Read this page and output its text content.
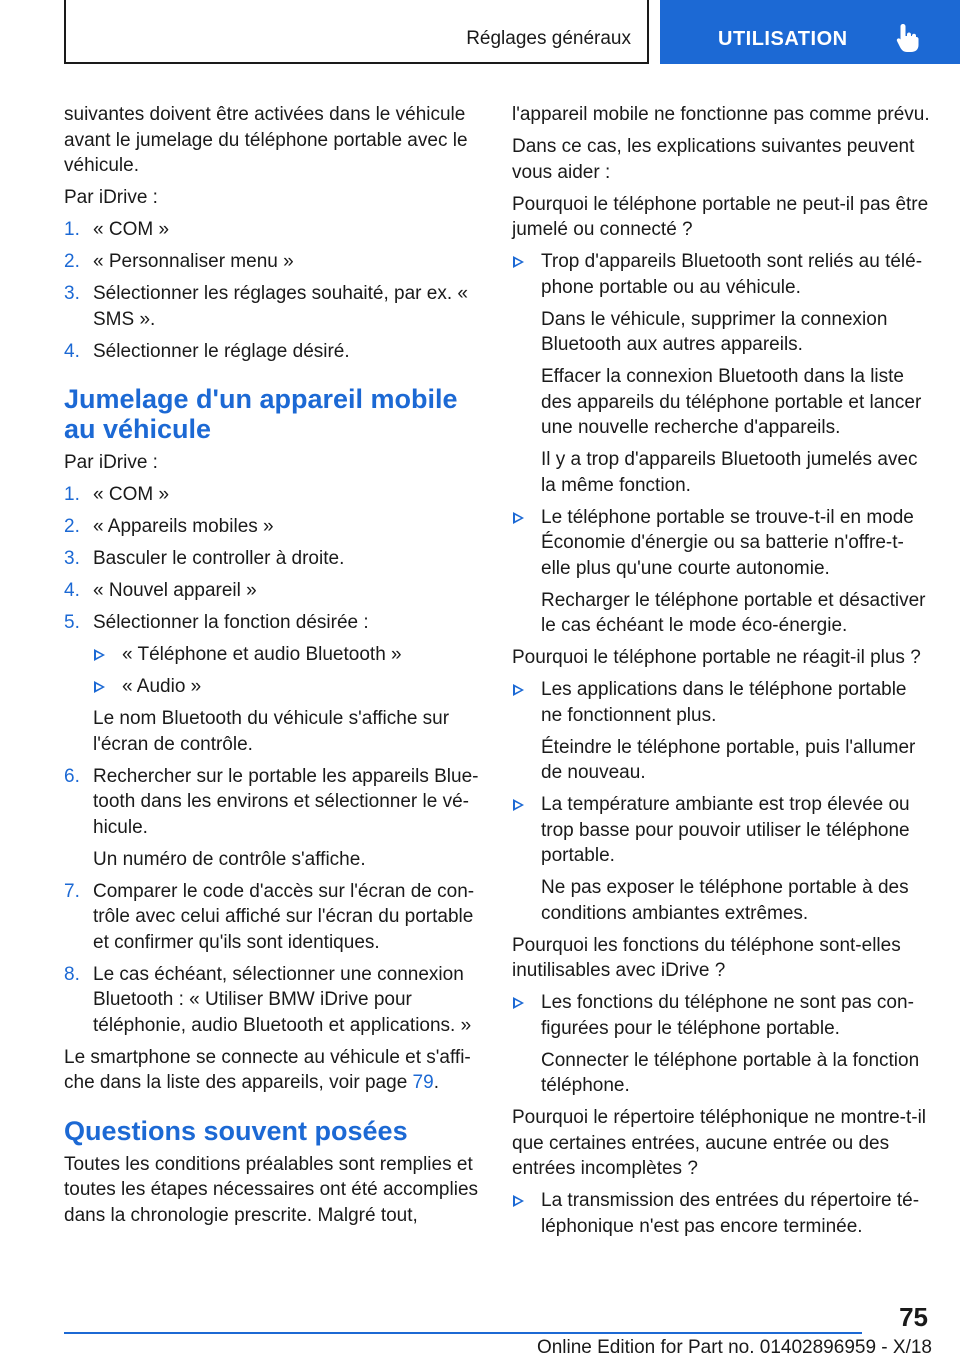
Réglages généraux	UTILISATION
suivantes doivent être activées dans le véhicule avant le jumelage du téléphone portable avec le véhicule.
Par iDrive :
1. « COM »
2. « Personnaliser menu »
3. Sélectionner les réglages souhaité, par ex. « SMS ».
4. Sélectionner le réglage désiré.
Jumelage d'un appareil mobile au véhicule
Par iDrive :
1. « COM »
2. « Appareils mobiles »
3. Basculer le controller à droite.
4. « Nouvel appareil »
5. Sélectionner la fonction désirée :
« Téléphone et audio Bluetooth »
« Audio »
Le nom Bluetooth du véhicule s'affiche sur l'écran de contrôle.
6. Rechercher sur le portable les appareils Bluetooth dans les environs et sélectionner le véhicule.
Un numéro de contrôle s'affiche.
7. Comparer le code d'accès sur l'écran de contrôle avec celui affiché sur l'écran du portable et confirmer qu'ils sont identiques.
8. Le cas échéant, sélectionner une connexion Bluetooth : « Utiliser BMW iDrive pour téléphonie, audio Bluetooth et applications. »
Le smartphone se connecte au véhicule et s'affiche dans la liste des appareils, voir page 79.
Questions souvent posées
Toutes les conditions préalables sont remplies et toutes les étapes nécessaires ont été accomplies dans la chronologie prescrite. Malgré tout,
l'appareil mobile ne fonctionne pas comme prévu.
Dans ce cas, les explications suivantes peuvent vous aider :
Pourquoi le téléphone portable ne peut-il pas être jumelé ou connecté ?
Trop d'appareils Bluetooth sont reliés au téléphone portable ou au véhicule.
Dans le véhicule, supprimer la connexion Bluetooth aux autres appareils.
Effacer la connexion Bluetooth dans la liste des appareils du téléphone portable et lancer une nouvelle recherche d'appareils.
Il y a trop d'appareils Bluetooth jumelés avec la même fonction.
Le téléphone portable se trouve-t-il en mode Économie d'énergie ou sa batterie n'offre-t-elle plus qu'une courte autonomie.
Recharger le téléphone portable et désactiver le cas échéant le mode éco-énergie.
Pourquoi le téléphone portable ne réagit-il plus ?
Les applications dans le téléphone portable ne fonctionnent plus.
Éteindre le téléphone portable, puis l'allumer de nouveau.
La température ambiante est trop élevée ou trop basse pour pouvoir utiliser le téléphone portable.
Ne pas exposer le téléphone portable à des conditions ambiantes extrêmes.
Pourquoi les fonctions du téléphone sont-elles inutilisables avec iDrive ?
Les fonctions du téléphone ne sont pas configurées pour le téléphone portable.
Connecter le téléphone portable à la fonction téléphone.
Pourquoi le répertoire téléphonique ne montre-t-il que certaines entrées, aucune entrée ou des entrées incomplètes ?
La transmission des entrées du répertoire téléphonique n'est pas encore terminée.
75
Online Edition for Part no. 01402896959 - X/18
